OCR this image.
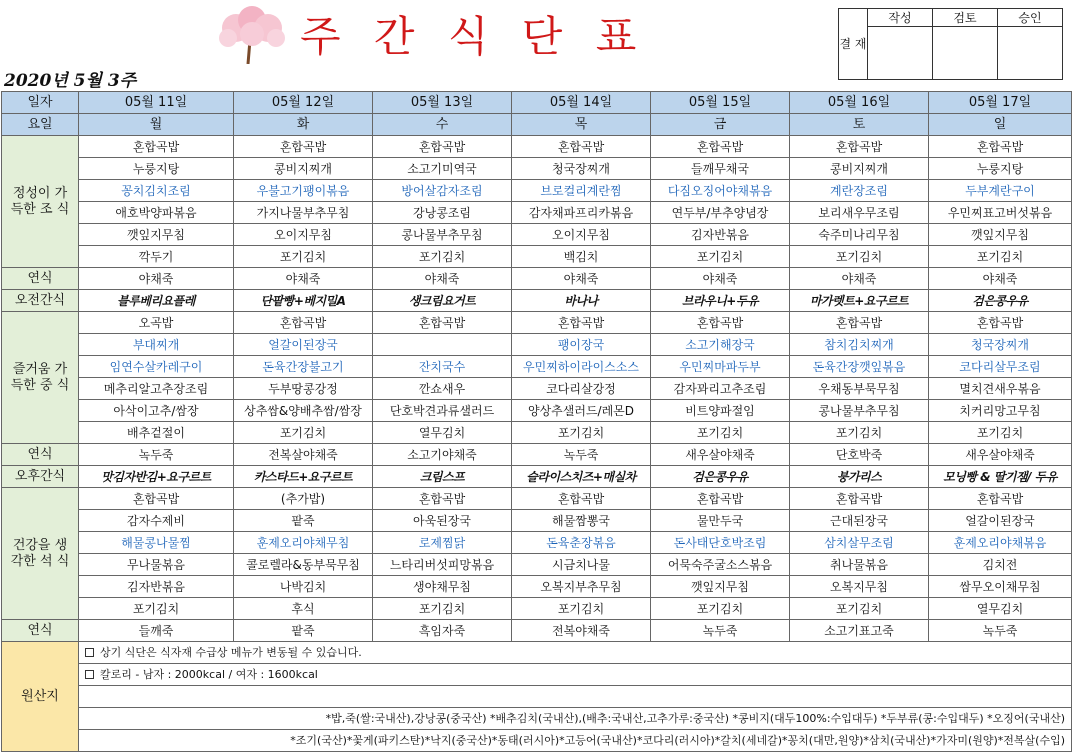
주 간 식 단 표
2020년 5월 3주
결 재	작성	검토	승인

일자	05월 11일	05월 12일	05월 13일	05월 14일	05월 15일	05월 16일	05월 17일
요일	월	화	수	목	금	토	일
정성이 가득한 조 식	혼합곡밥	혼합곡밥	혼합곡밥	혼합곡밥	혼합곡밥	혼합곡밥	혼합곡밥
	누룽지탕	콩비지찌개	소고기미역국	청국장찌개	들깨무채국	콩비지찌개	누룽지탕
	꽁치김치조림	우불고기팽이볶음	방어살감자조림	브로컬리계란찜	다짐오징어야채볶음	계란장조림	두부계란구이
	애호박양파볶음	가지나물부추무침	강낭콩조림	감자채파프리카볶음	연두부/부추양념장	보리새우무조림	우민찌표고버섯볶음
	깻잎지무침	오이지무침	콩나물부추무침	오이지무침	김자반볶음	숙주미나리무침	깻잎지무침
	깍두기	포기김치	포기김치	백김치	포기김치	포기김치	포기김치
연식	야채죽	야채죽	야채죽	야채죽	야채죽	야채죽	야채죽
오전간식	블루베리요플레	단팥빵+베지밀A	생크림요거트	바나나	브라우니+두유	마가렛트+요구르트	검은콩우유
즐거움 가득한 중 식	오곡밥	혼합곡밥	혼합곡밥	혼합곡밥	혼합곡밥	혼합곡밥	혼합곡밥
	부대찌개	얼갈이된장국		팽이장국	소고기해장국	참치김치찌개	청국장찌개
	임연수살카레구이	돈육간장불고기	잔치국수	우민찌하이라이스소스	우민찌마파두부	돈육간장깻잎볶음	코다리살무조림
	메추리알고추장조림	두부땅콩강정	깐쇼새우	코다리살강정	감자꽈리고추조림	우채동부묵무침	멸치견새우볶음
	아삭이고추/쌈장	상추쌈&양배추쌈/쌈장	단호박견과류샐러드	양상추샐러드/레몬D	비트양파절임	콩나물부추무침	치커리망고무침
	배추겉절이	포기김치	열무김치	포기김치	포기김치	포기김치	포기김치
연식	녹두죽	전복살야채죽	소고기야채죽	녹두죽	새우살야채죽	단호박죽	새우살야채죽
오후간식	맛김자반김+요구르트	카스타드+요구르트	크림스프	슬라이스치즈+매실차	검은콩우유	붕가리스	모닝빵 & 딸기잼/ 두유
건강을 생각한 석 식	혼합곡밥	(추가밥)	혼합곡밥	혼합곡밥	혼합곡밥	혼합곡밥	혼합곡밥
	감자수제비	팥죽	아욱된장국	해물짬뽕국	물만두국	근대된장국	얼갈이된장국
	해물콩나물찜	훈제오리야채무침	로제찜닭	돈육춘장볶음	돈사태단호박조림	삼치살무조림	훈제오리야채볶음
	무나물볶음	콜로렐라&동부묵무침	느타리버섯피망볶음	시금치나물	어묵숙주굴소스볶음	취나물볶음	김치전
	김자반볶음	나박김치	생야채무침	오복지부추무침	깻잎지무침	오복지무침	쌈무오이채무침
	포기김치	후식	포기김치	포기김치	포기김치	포기김치	열무김치
연식	들깨죽	팥죽	흑임자죽	전복야채죽	녹두죽	소고기표고죽	녹두죽
원산지	상기 식단은 식자재 수급상 메뉴가 변동될 수 있습니다.						
	칼로리 - 남자 : 2000kcal / 여자 : 1600kcal						

	*밥,죽(쌀:국내산),강낭콩(중국산) *배추김치(국내산),(배추:국내산,고추가루:중국산) *콩비지(대두100%:수입대두) *두부류(콩:수입대두) *오징어(국내산)						
	*조기(국산)*꽃게(파키스탄)*낙지(중국산)*동태(러시아)*고등어(국내산)*코다리(러시아)*갈치(세네갈)*꽁치(대만,원양)*삼치(국내산)*가자미(원양)*전복살(수입)						
